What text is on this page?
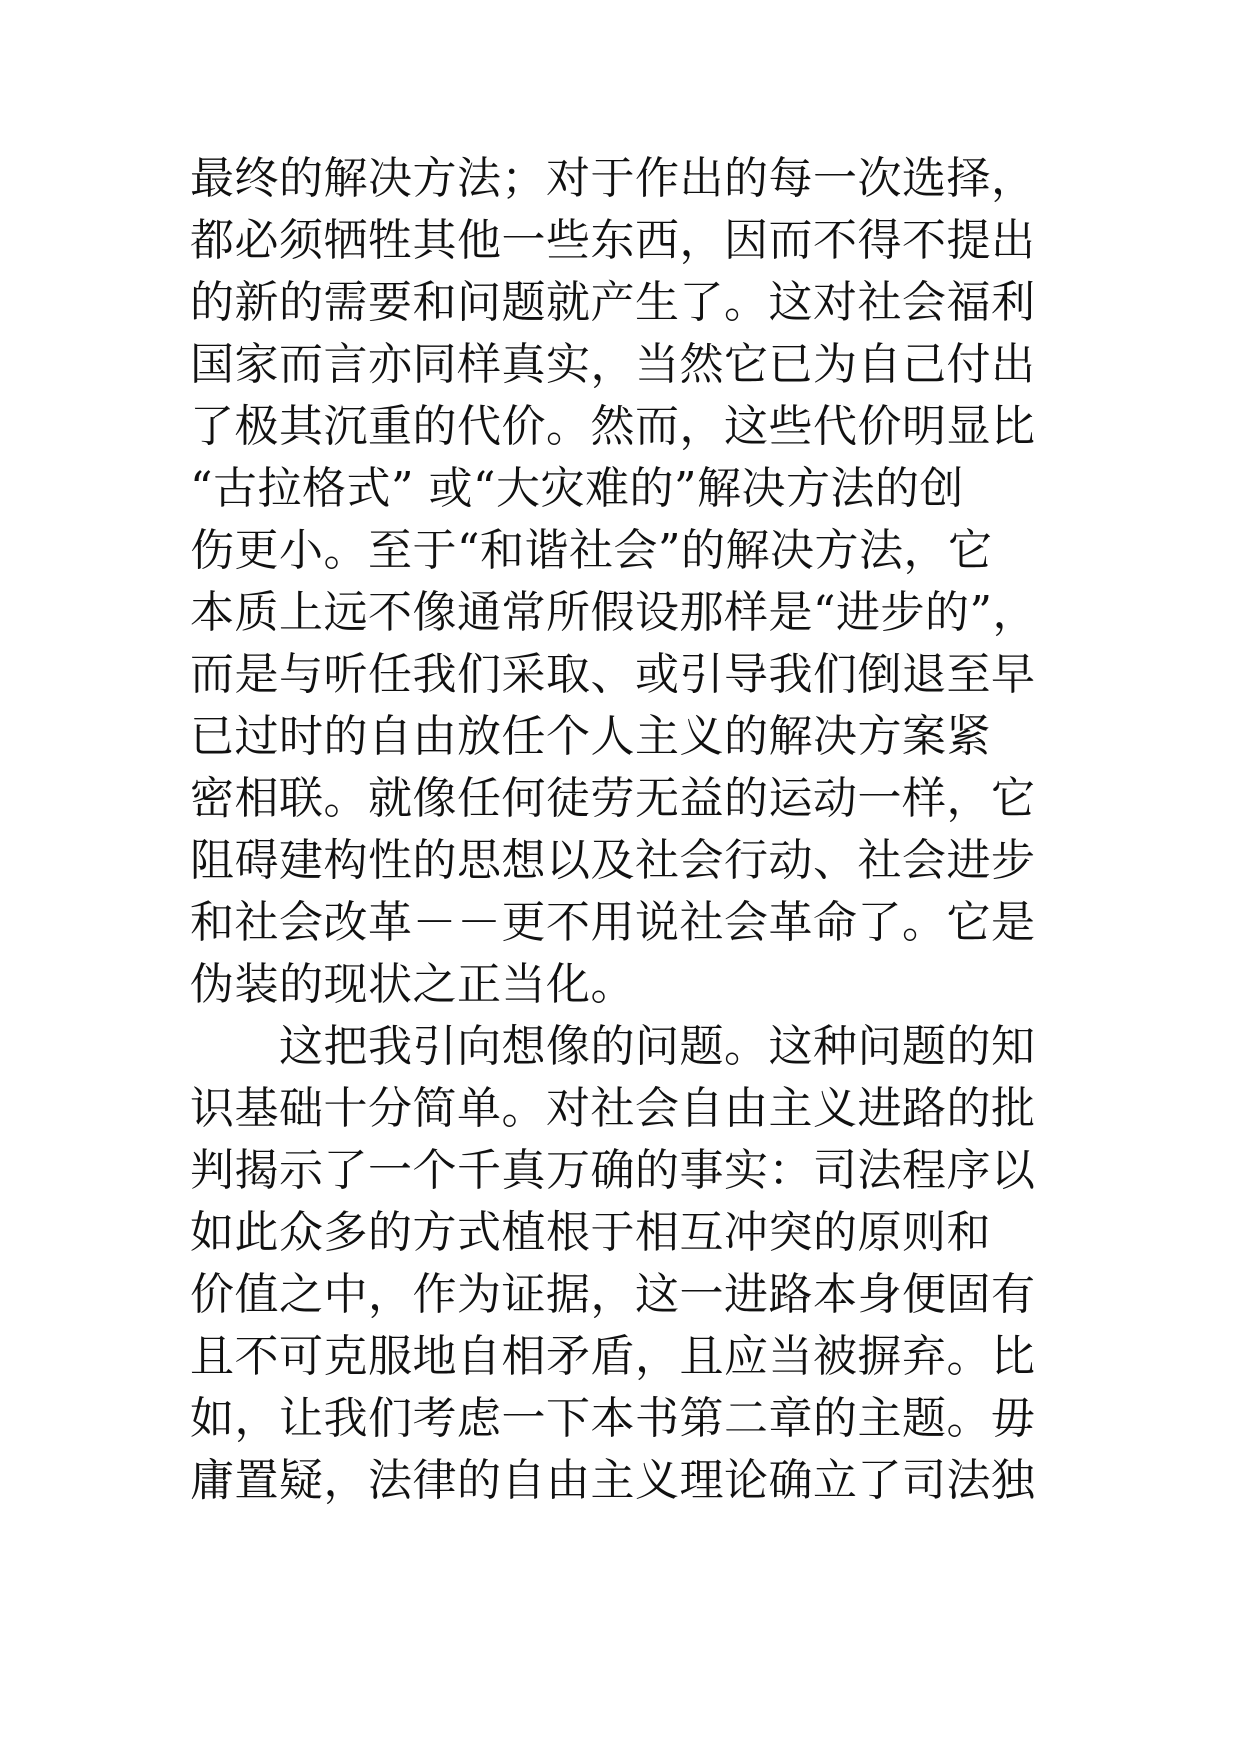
最终的解决方法；对于作出的每一次选择，
都必须牺牲其他一些东西，因而不得不提出
的新的需要和问题就产生了。这对社会福利
国家而言亦同样真实，当然它已为自己付出
了极其沉重的代价。然而，这些代价明显比
“古拉格式” 或“大灾难的”解决方法的创
伤更小。至于“和谐社会”的解决方法，它
本质上远不像通常所假设那样是“进步的”，
而是与听任我们采取、或引导我们倒退至早
已过时的自由放任个人主义的解决方案紧
密相联。就像任何徒劳无益的运动一样，它
阻碍建构性的思想以及社会行动、社会进步
和社会改革－－更不用说社会革命了。它是
伪装的现状之正当化。
　　这把我引向想像的问题。这种问题的知
识基础十分简单。对社会自由主义进路的批
判揭示了一个千真万确的事实：司法程序以
如此众多的方式植根于相互冲突的原则和
价值之中，作为证据，这一进路本身便固有
且不可克服地自相矛盾，且应当被摒弃。比
如，让我们考虑一下本书第二章的主题。毋
庸置疑，法律的自由主义理论确立了司法独
